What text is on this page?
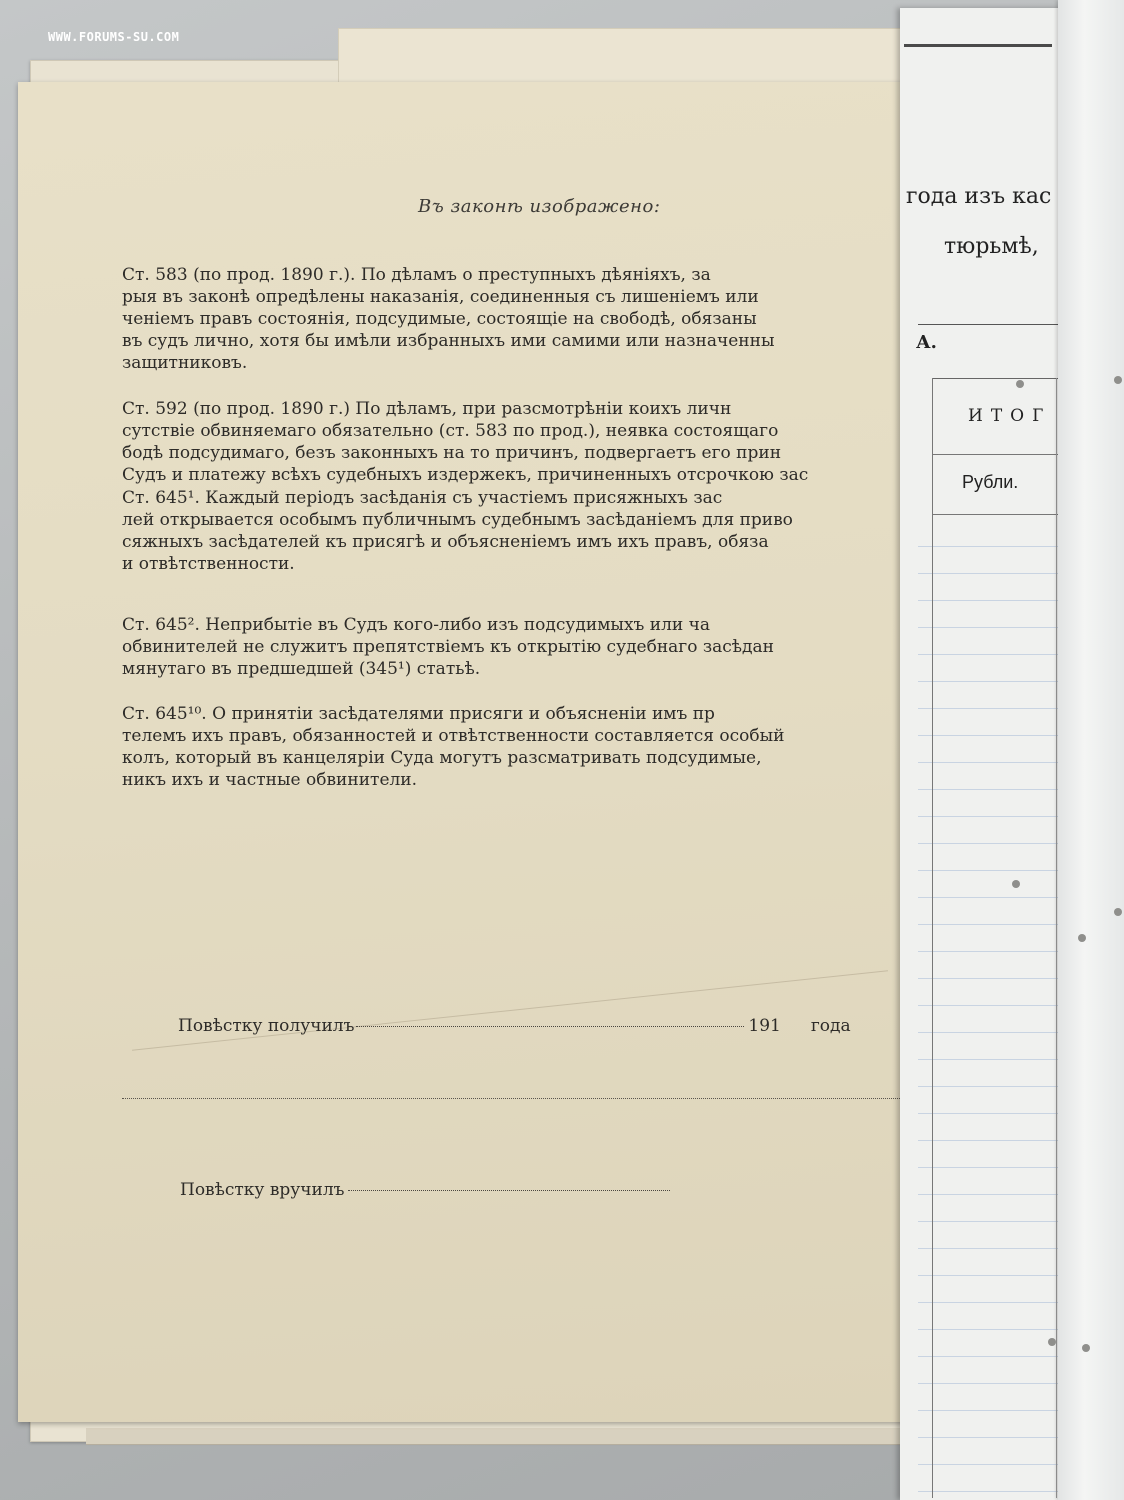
WWW.FORUMS-SU.COM
Въ законѣ изображено:
Ст. 583 (по прод. 1890 г.). По дѣламъ о преступныхъ дѣяніяхъ, за
рыя въ законѣ опредѣлены наказанія, соединенныя съ лишеніемъ или
ченіемъ правъ состоянія, подсудимые, состоящіе на свободѣ, обязаны
въ судъ лично, хотя бы имѣли избранныхъ ими самими или назначенны
защитниковъ.
Ст. 592 (по прод. 1890 г.) По дѣламъ, при разсмотрѣніи коихъ личн
сутствіе обвиняемаго обязательно (ст. 583 по прод.), неявка состоящаго
бодѣ подсудимаго, безъ законныхъ на то причинъ, подвергаетъ его прин
Судъ и платежу всѣхъ судебныхъ издержекъ, причиненныхъ отсрочкою зас
Ст. 645¹. Каждый періодъ засѣданія съ участіемъ присяжныхъ зас
лей открывается особымъ публичнымъ судебнымъ засѣданіемъ для приво
сяжныхъ засѣдателей къ присягѣ и объясненіемъ имъ ихъ правъ, обяза
и отвѣтственности.
Ст. 645². Неприбытіе въ Судъ кого-либо изъ подсудимыхъ или ча
обвинителей не служитъ препятствіемъ къ открытію судебнаго засѣдан
мянутаго въ предшедшей (345¹) статьѣ.
Ст. 645¹⁰. О принятіи засѣдателями присяги и объясненіи имъ пр
телемъ ихъ правъ, обязанностей и отвѣтственности составляется особый
колъ, который въ канцеляріи Суда могутъ разсматривать подсудимые,
никъ ихъ и частные обвинители.
Повѣстку получилъ	191 года
Повѣстку вручилъ
года изъ кас
тюрьмѣ,
А.
ИТОГ
Рубли.
